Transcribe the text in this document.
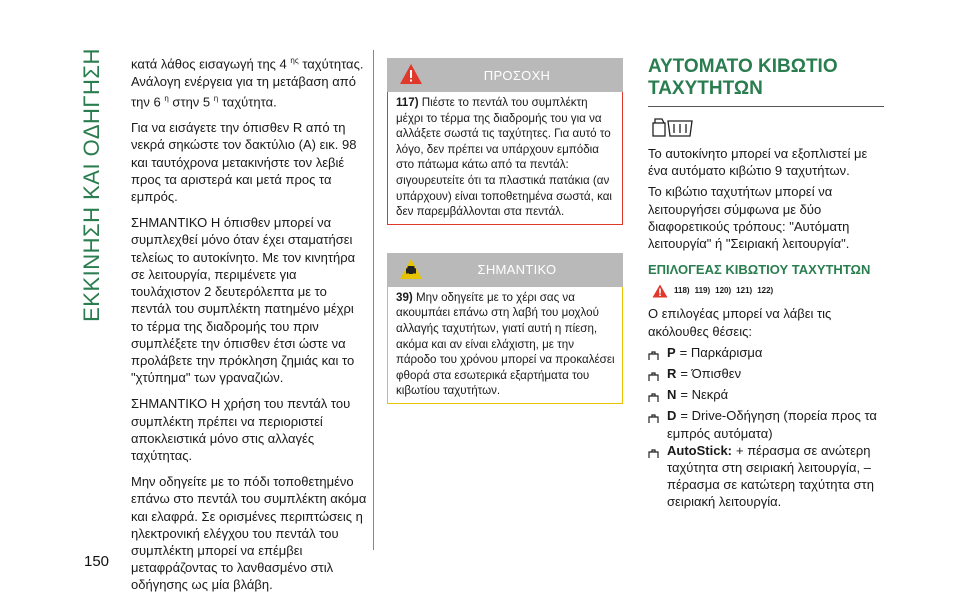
ΕΚΚΙΝΗΣΗ ΚΑΙ ΟΔΗΓΗΣΗ κατά λάθος εισαγωγή της 4 $^{\eta\varsigma}$ ταχύτητας. Ανάλογη ενέργεια για τη μετάβαση από την 6 $^\eta$ στην 5 $^\eta$ ταχύτητα.

Για να εισάγετε την όπισθεν R από τη νεκρά σηκώστε τον δακτύλιο (A) εικ. 98 και ταυτόχρονα μετακινήστε τον λεβιέ προς τα αριστερά και μετά προς τα εμπρός.

ΣΗΜΑΝΤΙΚΟ Η όπισθεν μπορεί να συμπλεχθεί μόνο όταν έχει σταματήσει τελείως το αυτοκίνητο. Με τον κινητήρα σε λειτουργία, περιμένετε για τουλάχιστον 2 δευτερόλεπτα με το πεντάλ του συμπλέκτη πατημένο μέχρι το τέρμα της διαδρομής του πριν συμπλέξετε την όπισθεν έτσι ώστε να προλάβετε την πρόκληση ζημιάς και το "χτύπημα" των γραναζιών.

ΣΗΜΑΝΤΙΚΟ Η χρήση του πεντάλ του συμπλέκτη πρέπει να περιοριστεί αποκλειστικά μόνο στις αλλαγές ταχύτητας.

Μην οδηγείτε με το πόδι τοποθετημένο επάνω στο πεντάλ του συμπλέκτη ακόμα και ελαφρά. Σε ορισμένες περιπτώσεις η ηλεκτρονική ελέγχου του πεντάλ του συμπλέκτη μπορεί να επέμβει μεταφράζοντας το λανθασμένο στιλ οδήγησης ως μία βλάβη.

ΠΡΟΣΟΧΗ
117) Πιέστε το πεντάλ του συμπλέκτη μέχρι το τέρμα της διαδρομής του για να αλλάξετε σωστά τις ταχύτητες. Για αυτό το λόγο, δεν πρέπει να υπάρχουν εμπόδια στο πάτωμα κάτω από τα πεντάλ: σιγουρευτείτε ότι τα πλαστικά πατάκια (αν υπάρχουν) είναι τοποθετημένα σωστά, και δεν παρεμβάλλονται στα πεντάλ.
ΣΗΜΑΝΤΙΚΟ
39) Μην οδηγείτε με το χέρι σας να ακουμπάει επάνω στη λαβή του μοχλού αλλαγής ταχυτήτων, γιατί αυτή η πίεση, ακόμα και αν είναι ελάχιστη, με την πάροδο του χρόνου μπορεί να προκαλέσει φθορά στα εσωτερικά εξαρτήματα του κιβωτίου ταχυτήτων.
ΑΥΤΟΜΑΤΟ ΚΙΒΩΤΙΟ ΤΑΧΥΤΗΤΩΝ

Το αυτοκίνητο μπορεί να εξοπλιστεί με ένα αυτόματο κιβώτιο 9 ταχυτήτων.

Το κιβώτιο ταχυτήτων μπορεί να λειτουργήσει σύμφωνα με δύο διαφορετικούς τρόπους: "Αυτόματη λειτουργία" ή "Σειριακή λειτουργία".

ΕΠΙΛΟΓΕΑΣ ΚΙΒΩΤΙΟΥ ΤΑΧΥΤΗΤΩΝ
118) 119) 120) 121) 122)

Ο επιλογέας μπορεί να λάβει τις ακόλουθες θέσεις:

P = Παρκάρισμα
R = Όπισθεν
N = Νεκρά
D = Drive-Οδήγηση (πορεία προς τα εμπρός αυτόματα)
AutoStick: + πέρασμα σε ανώτερη ταχύτητα στη σειριακή λειτουργία, – πέρασμα σε κατώτερη ταχύτητα στη σειριακή λειτουργία.
150
